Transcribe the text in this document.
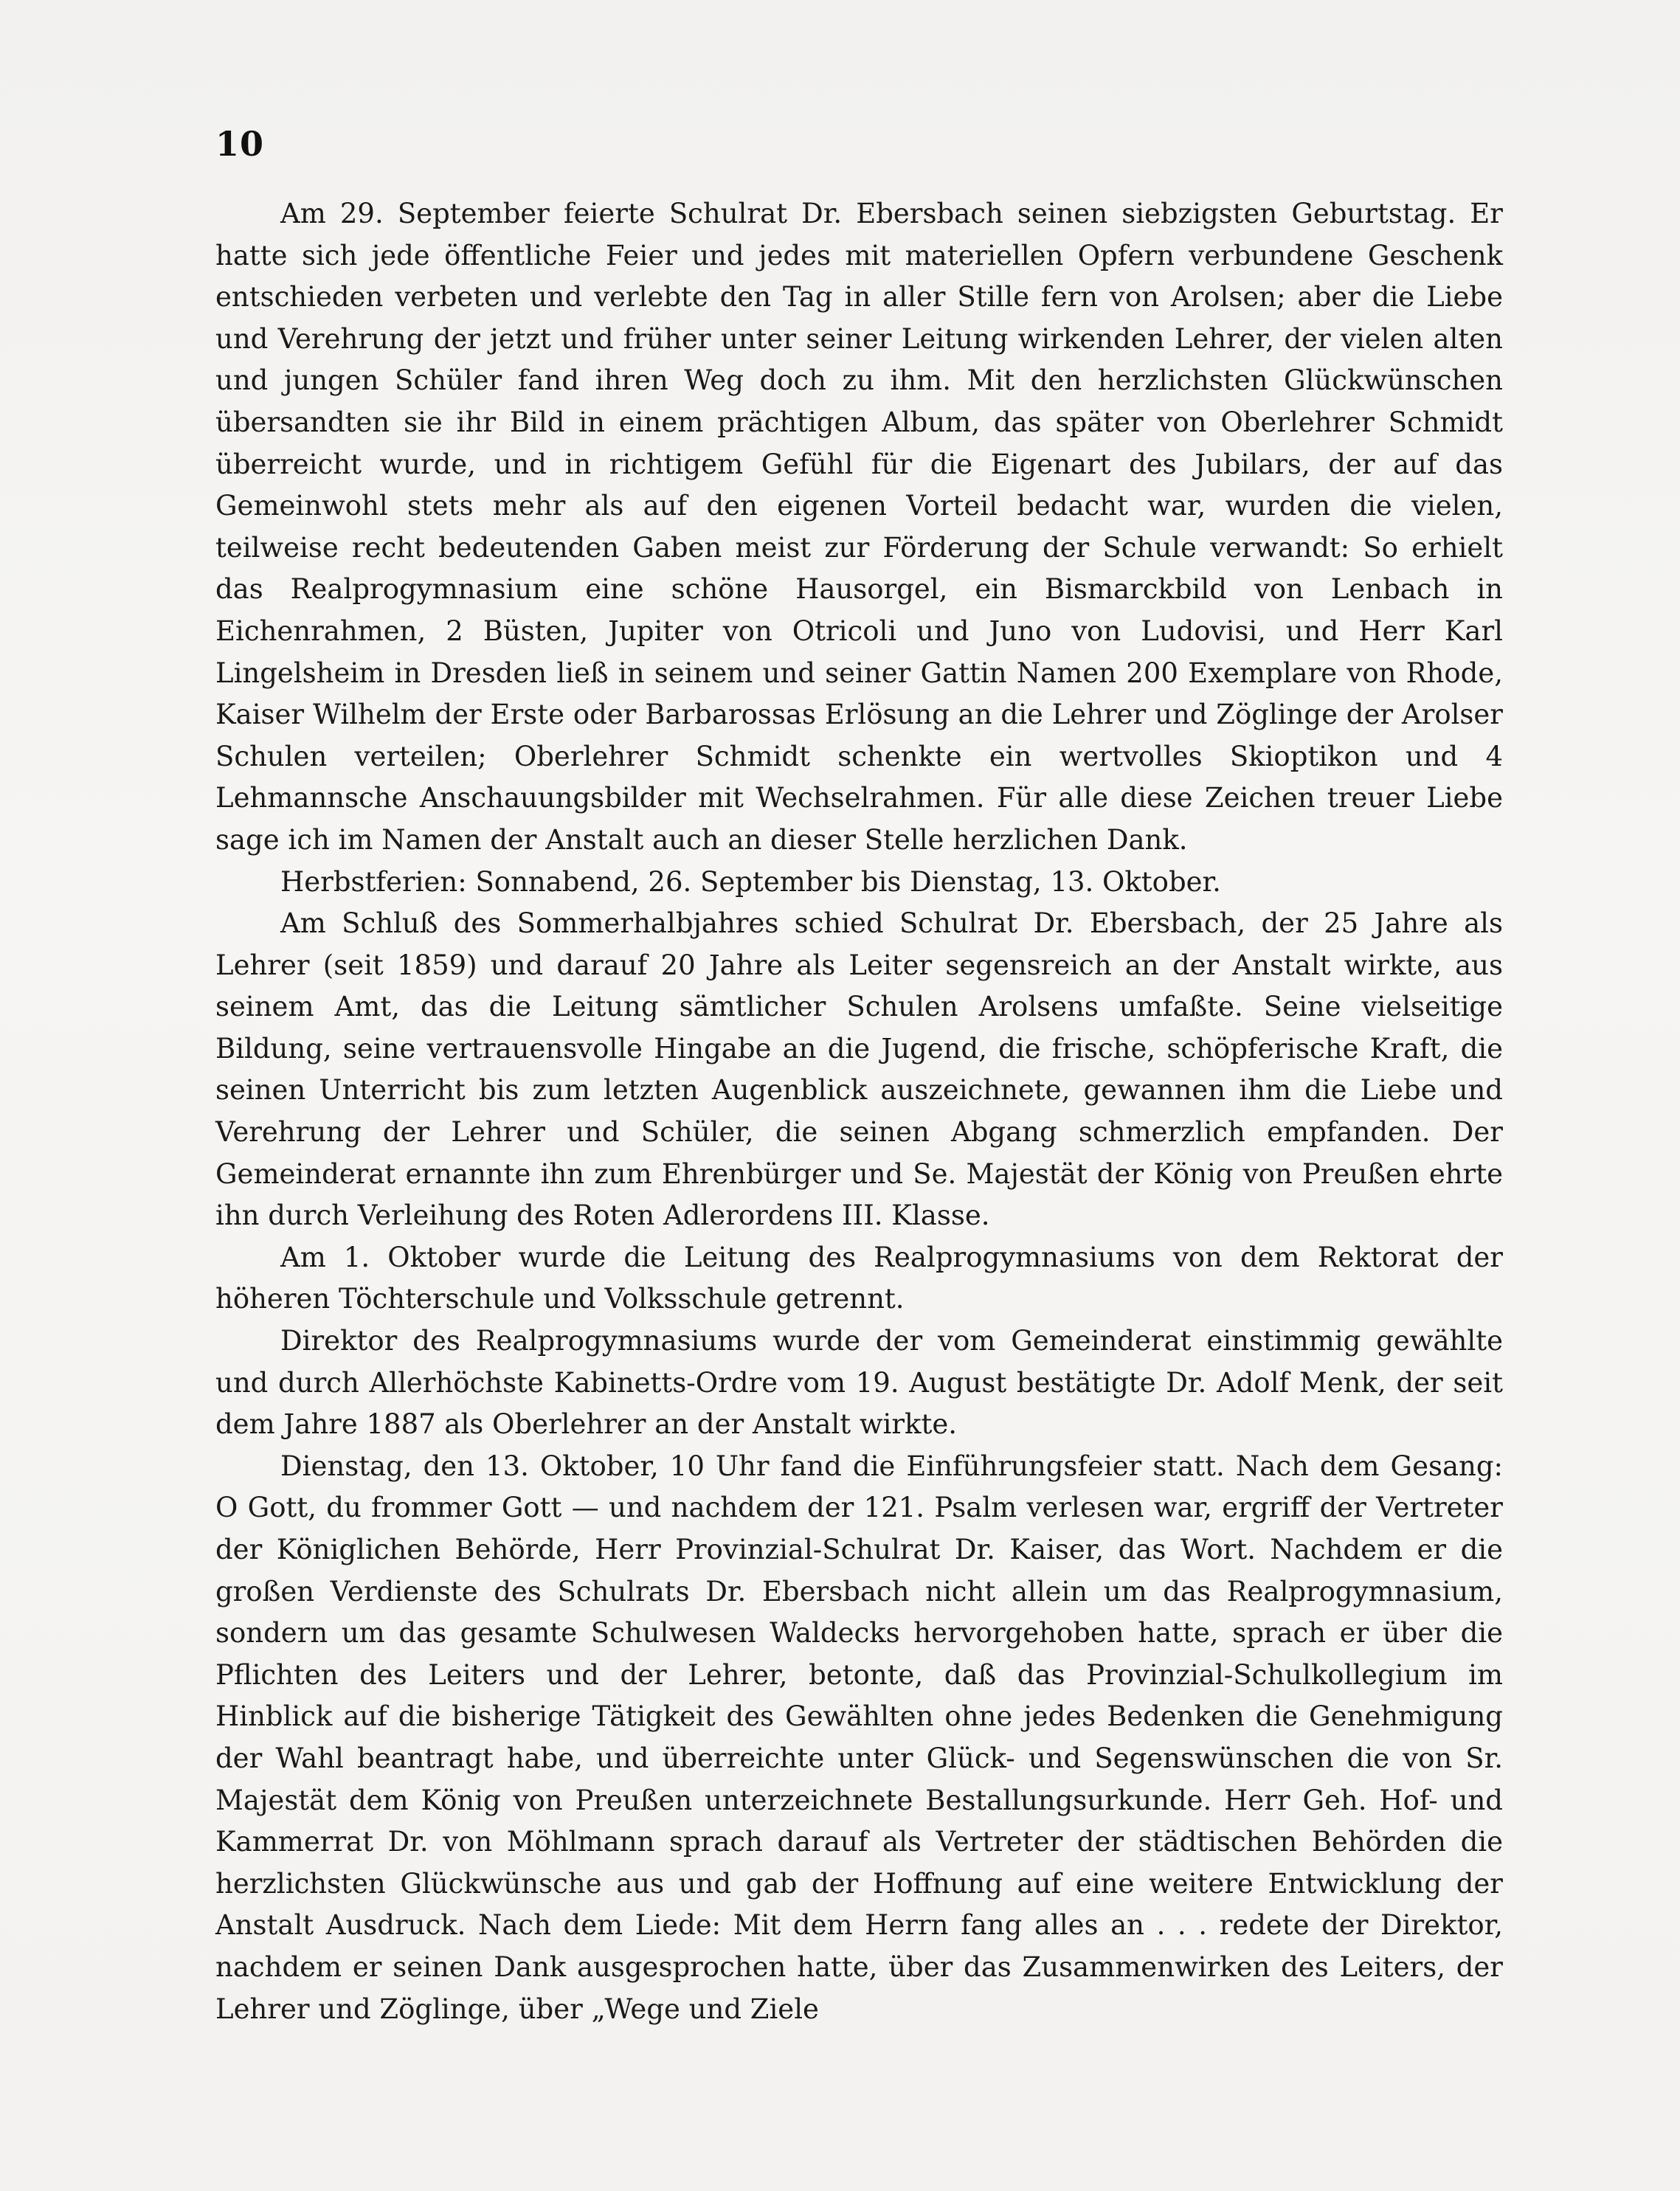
10

Am 29. September feierte Schulrat Dr. Ebersbach seinen siebzigsten Geburtstag. Er hatte sich jede öffentliche Feier und jedes mit materiellen Opfern verbundene Geschenk entschieden verbeten und verlebte den Tag in aller Stille fern von Arolsen; aber die Liebe und Verehrung der jetzt und früher unter seiner Leitung wirkenden Lehrer, der vielen alten und jungen Schüler fand ihren Weg doch zu ihm. Mit den herzlichsten Glückwünschen übersandten sie ihr Bild in einem prächtigen Album, das später von Oberlehrer Schmidt überreicht wurde, und in richtigem Gefühl für die Eigenart des Jubilars, der auf das Gemeinwohl stets mehr als auf den eigenen Vorteil bedacht war, wurden die vielen, teilweise recht bedeutenden Gaben meist zur Förderung der Schule verwandt: So erhielt das Realprogymnasium eine schöne Hausorgel, ein Bismarckbild von Lenbach in Eichenrahmen, 2 Büsten, Jupiter von Otricoli und Juno von Ludovisi, und Herr Karl Lingelsheim in Dresden ließ in seinem und seiner Gattin Namen 200 Exemplare von Rhode, Kaiser Wilhelm der Erste oder Barbarossas Erlösung an die Lehrer und Zöglinge der Arolser Schulen verteilen; Oberlehrer Schmidt schenkte ein wertvolles Skioptikon und 4 Lehmannsche Anschauungsbilder mit Wechselrahmen. Für alle diese Zeichen treuer Liebe sage ich im Namen der Anstalt auch an dieser Stelle herzlichen Dank.

Herbstferien: Sonnabend, 26. September bis Dienstag, 13. Oktober.

Am Schluß des Sommerhalbjahres schied Schulrat Dr. Ebersbach, der 25 Jahre als Lehrer (seit 1859) und darauf 20 Jahre als Leiter segensreich an der Anstalt wirkte, aus seinem Amt, das die Leitung sämtlicher Schulen Arolsens umfaßte. Seine vielseitige Bildung, seine vertrauensvolle Hingabe an die Jugend, die frische, schöpferische Kraft, die seinen Unterricht bis zum letzten Augenblick auszeichnete, gewannen ihm die Liebe und Verehrung der Lehrer und Schüler, die seinen Abgang schmerzlich empfanden. Der Gemeinderat ernannte ihn zum Ehrenbürger und Se. Majestät der König von Preußen ehrte ihn durch Verleihung des Roten Adlerordens III. Klasse.

Am 1. Oktober wurde die Leitung des Realprogymnasiums von dem Rektorat der höheren Töchterschule und Volksschule getrennt.

Direktor des Realprogymnasiums wurde der vom Gemeinderat einstimmig gewählte und durch Allerhöchste Kabinetts-Ordre vom 19. August bestätigte Dr. Adolf Menk, der seit dem Jahre 1887 als Oberlehrer an der Anstalt wirkte.

Dienstag, den 13. Oktober, 10 Uhr fand die Einführungsfeier statt. Nach dem Gesang: O Gott, du frommer Gott — und nachdem der 121. Psalm verlesen war, ergriff der Vertreter der Königlichen Behörde, Herr Provinzial-Schulrat Dr. Kaiser, das Wort. Nachdem er die großen Verdienste des Schulrats Dr. Ebersbach nicht allein um das Realprogymnasium, sondern um das gesamte Schulwesen Waldecks hervorgehoben hatte, sprach er über die Pflichten des Leiters und der Lehrer, betonte, daß das Provinzial-Schulkollegium im Hinblick auf die bisherige Tätigkeit des Gewählten ohne jedes Bedenken die Genehmigung der Wahl beantragt habe, und überreichte unter Glück- und Segenswünschen die von Sr. Majestät dem König von Preußen unterzeichnete Bestallungsurkunde. Herr Geh. Hof- und Kammerrat Dr. von Möhlmann sprach darauf als Vertreter der städtischen Behörden die herzlichsten Glückwünsche aus und gab der Hoffnung auf eine weitere Entwicklung der Anstalt Ausdruck. Nach dem Liede: Mit dem Herrn fang alles an . . . redete der Direktor, nachdem er seinen Dank ausgesprochen hatte, über das Zusammenwirken des Leiters, der Lehrer und Zöglinge, über „Wege und Ziele
